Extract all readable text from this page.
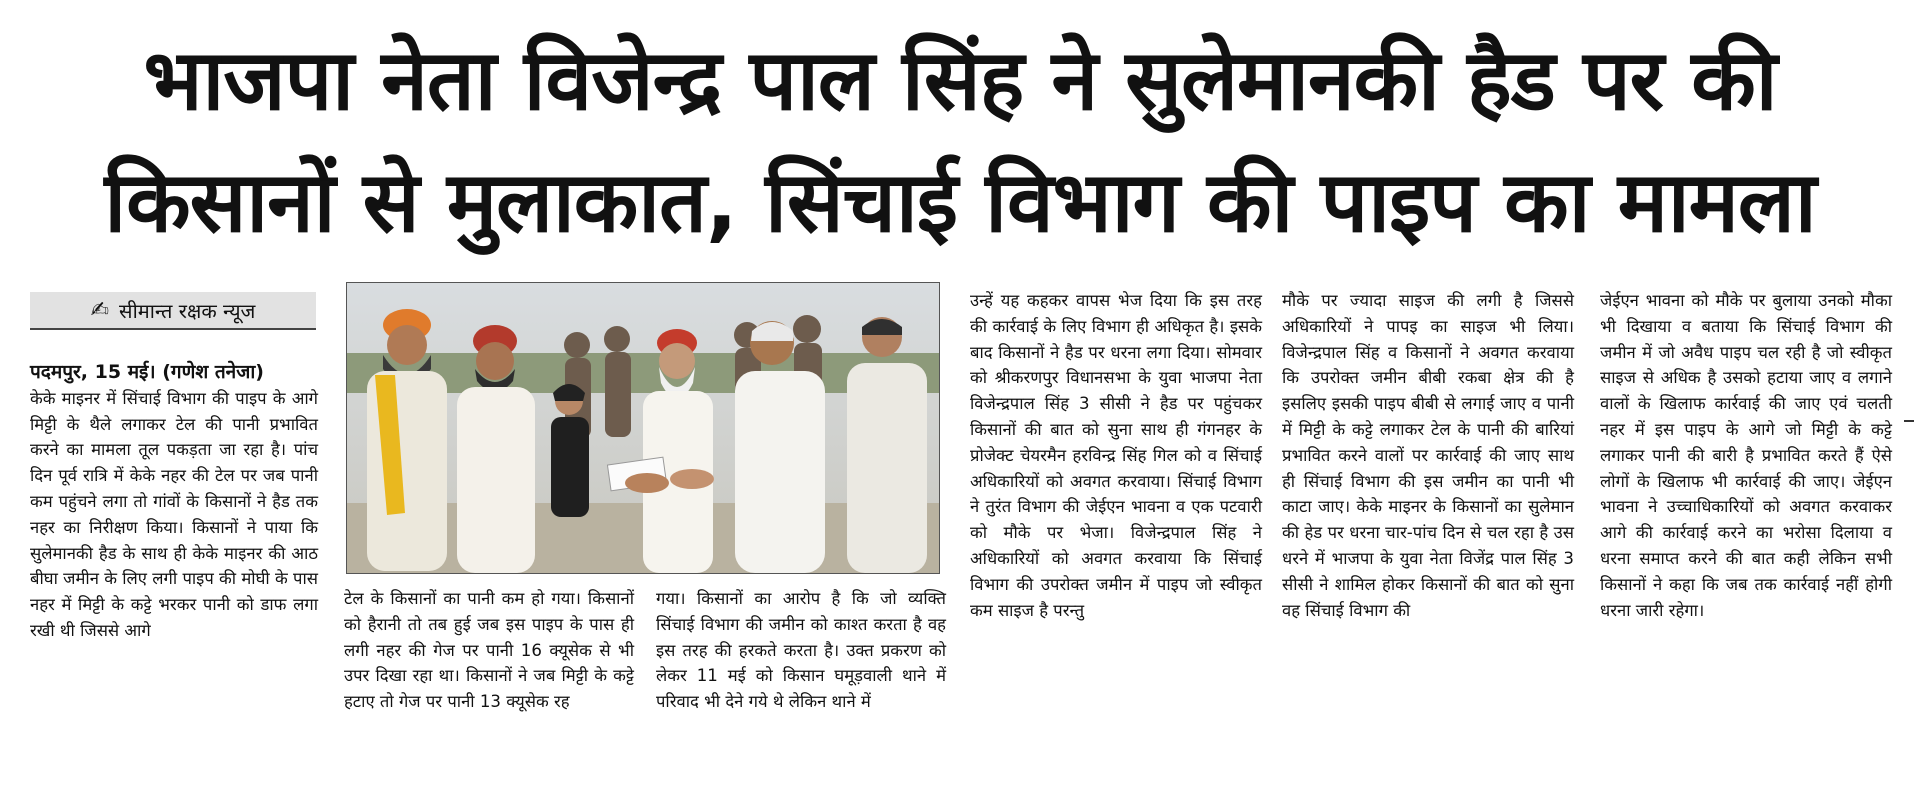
भाजपा नेता विजेन्द्र पाल सिंह ने सुलेमानकी हैड पर की
किसानों से मुलाकात, सिंचाई विभाग की पाइप का मामला
✍ सीमान्त रक्षक न्यूज

पदमपुर, 15 मई। (गणेश तनेजा)

केके माइनर में सिंचाई विभाग की पाइप के आगे मिट्टी के थैले लगाकर टेल की पानी प्रभावित करने का मामला तूल पकड़ता जा रहा है। पांच दिन पूर्व रात्रि में केके नहर की टेल पर जब पानी कम पहुंचने लगा तो गांवों के किसानों ने हैड तक नहर का निरीक्षण किया। किसानों ने पाया कि सुलेमानकी हैड के साथ ही केके माइनर की आठ बीघा जमीन के लिए लगी पाइप की मोघी के पास नहर में मिट्टी के कट्टे भरकर पानी को डाफ लगा रखी थी जिससे आगे

टेल के किसानों का पानी कम हो गया। किसानों को हैरानी तो तब हुई जब इस पाइप के पास ही लगी नहर की गेज पर पानी 16 क्यूसेक से भी उपर दिखा रहा था। किसानों ने जब मिट्टी के कट्टे हटाए तो गेज पर पानी 13 क्यूसेक रह

गया। किसानों का आरोप है कि जो व्यक्ति सिंचाई विभाग की जमीन को काश्त करता है वह इस तरह की हरकते करता है। उक्त प्रकरण को लेकर 11 मई को किसान घमूड़वाली थाने में परिवाद भी देने गये थे लेकिन थाने में

उन्हें यह कहकर वापस भेज दिया कि इस तरह की कार्रवाई के लिए विभाग ही अधिकृत है। इसके बाद किसानों ने हैड पर धरना लगा दिया। सोमवार को श्रीकरणपुर विधानसभा के युवा भाजपा नेता विजेन्द्रपाल सिंह 3 सीसी ने हैड पर पहुंचकर किसानों की बात को सुना साथ ही गंगनहर के प्रोजेक्ट चेयरमैन हरविन्द्र सिंह गिल को व सिंचाई अधिकारियों को अवगत करवाया। सिंचाई विभाग ने तुरंत विभाग की जेईएन भावना व एक पटवारी को मौके पर भेजा। विजेन्द्रपाल सिंह ने अधिकारियों को अवगत करवाया कि सिंचाई विभाग की उपरोक्त जमीन में पाइप जो स्वीकृत कम साइज है परन्तु

मौके पर ज्यादा साइज की लगी है जिससे अधिकारियों ने पापइ का साइज भी लिया। विजेन्द्रपाल सिंह व किसानों ने अवगत करवाया कि उपरोक्त जमीन बीबी रकबा क्षेत्र की है इसलिए इसकी पाइप बीबी से लगाई जाए व पानी में मिट्टी के कट्टे लगाकर टेल के पानी की बारियां प्रभावित करने वालों पर कार्रवाई की जाए साथ ही सिंचाई विभाग की इस जमीन का पानी भी काटा जाए। केके माइनर के किसानों का सुलेमान की हेड पर धरना चार-पांच दिन से चल रहा है उस धरने में भाजपा के युवा नेता विजेंद्र पाल सिंह 3 सीसी ने शामिल होकर किसानों की बात को सुना वह सिंचाई विभाग की

जेईएन भावना को मौके पर बुलाया उनको मौका भी दिखाया व बताया कि सिंचाई विभाग की जमीन में जो अवैध पाइप चल रही है जो स्वीकृत साइज से अधिक है उसको हटाया जाए व लगाने वालों के खिलाफ कार्रवाई की जाए एवं चलती नहर में इस पाइप के आगे जो मिट्टी के कट्टे लगाकर पानी की बारी है प्रभावित करते हैं ऐसे लोगों के खिलाफ भी कार्रवाई की जाए। जेईएन भावना ने उच्चाधिकारियों को अवगत करवाकर आगे की कार्रवाई करने का भरोसा दिलाया व धरना समाप्त करने की बात कही लेकिन सभी किसानों ने कहा कि जब तक कार्रवाई नहीं होगी धरना जारी रहेगा।
